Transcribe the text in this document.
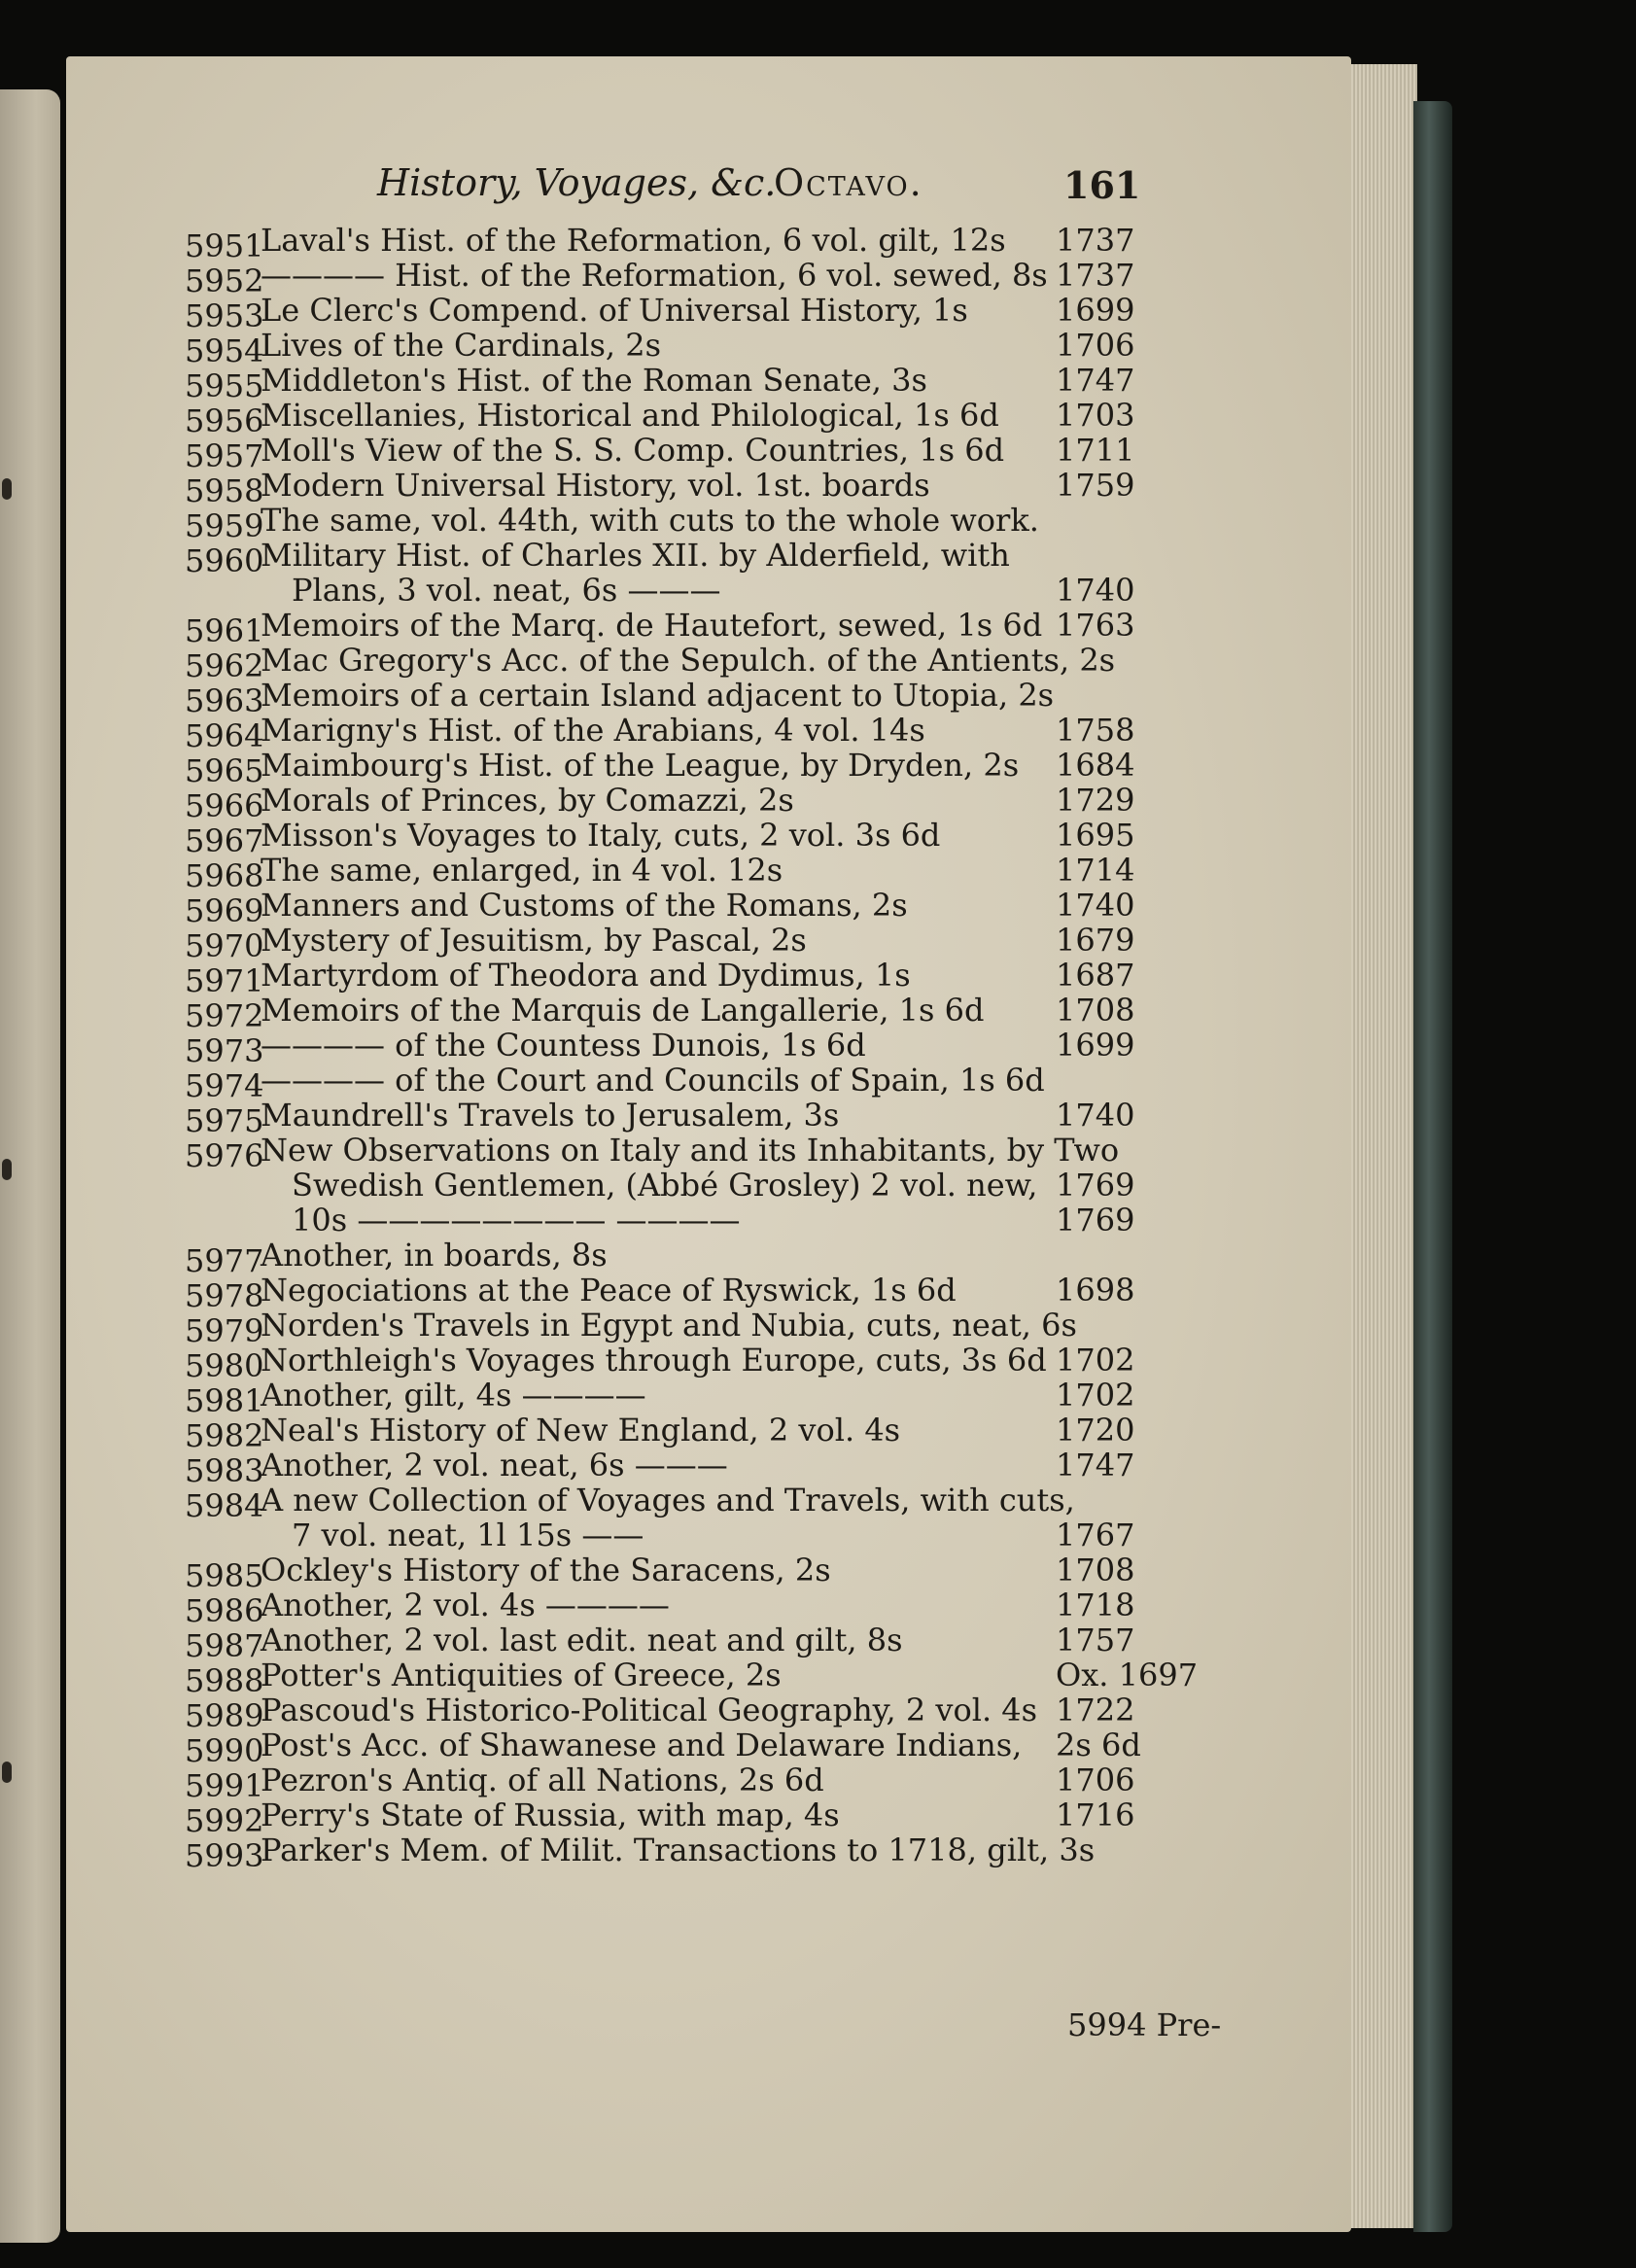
History, Voyages, &c.
Octavo.	161
5951
Laval's Hist. of the Reformation, 6 vol. gilt, 12s 1737
5952
———— Hist. of the Reformation, 6 vol. sewed, 8s 1737
5953
Le Clerc's Compend. of Universal History, 1s	1699
5954
Lives of the Cardinals, 2s	1706
5955
Middleton's Hist. of the Roman Senate, 3s	1747
5956
Miscellanies, Historical and Philological, 1s 6d 1703
5957
Moll's View of the S. S. Comp. Countries, 1s 6d 1711
5958
Modern Universal History, vol. 1st. boards	1759
5959
The same, vol. 44th, with cuts to the whole work.
5960
Military Hist. of Charles XII. by Alderfield, with
Plans, 3 vol. neat, 6s ———	1740
5961
Memoirs of the Marq. de Hautefort, sewed, 1s 6d 1763
5962
Mac Gregory's Acc. of the Sepulch. of the Antients, 2s
5963
Memoirs of a certain Island adjacent to Utopia, 2s
5964
Marigny's Hist. of the Arabians, 4 vol. 14s	1758
5965
Maimbourg's Hist. of the League, by Dryden, 2s 1684
5966
Morals of Princes, by Comazzi, 2s	1729
5967
Misson's Voyages to Italy, cuts, 2 vol. 3s 6d	1695
5968
The same, enlarged, in 4 vol. 12s	1714
5969
Manners and Customs of the Romans, 2s	1740
5970
Mystery of Jesuitism, by Pascal, 2s	1679
5971
Martyrdom of Theodora and Dydimus, 1s	1687
5972
Memoirs of the Marquis de Langallerie, 1s 6d 1708
5973
———— of the Countess Dunois, 1s 6d	1699
5974
———— of the Court and Councils of Spain, 1s 6d
5975
Maundrell's Travels to Jerusalem, 3s	1740
5976
New Observations on Italy and its Inhabitants, by Two
Swedish Gentlemen, (Abbé Grosley) 2 vol. new, 1769
10s ———————— ————	1769
5977
Another, in boards, 8s
5978
Negociations at the Peace of Ryswick, 1s 6d	1698
5979
Norden's Travels in Egypt and Nubia, cuts, neat, 6s
5980
Northleigh's Voyages through Europe, cuts, 3s 6d 1702
5981
Another, gilt, 4s ————	1702
5982
Neal's History of New England, 2 vol. 4s	1720
5983
Another, 2 vol. neat, 6s ———	1747
5984
A new Collection of Voyages and Travels, with cuts,
7 vol. neat, 1l 15s ——	1767
5985
Ockley's History of the Saracens, 2s	1708
5986
Another, 2 vol. 4s ————	1718
5987
Another, 2 vol. last edit. neat and gilt, 8s	1757
5988
Potter's Antiquities of Greece, 2s	Ox. 1697
5989
Pascoud's Historico-Political Geography, 2 vol. 4s 1722
5990
Post's Acc. of Shawanese and Delaware Indians, 2s 6d
5991
Pezron's Antiq. of all Nations, 2s 6d	1706
5992
Perry's State of Russia, with map, 4s	1716
5993
Parker's Mem. of Milit. Transactions to 1718, gilt, 3s
5994 Pre-
